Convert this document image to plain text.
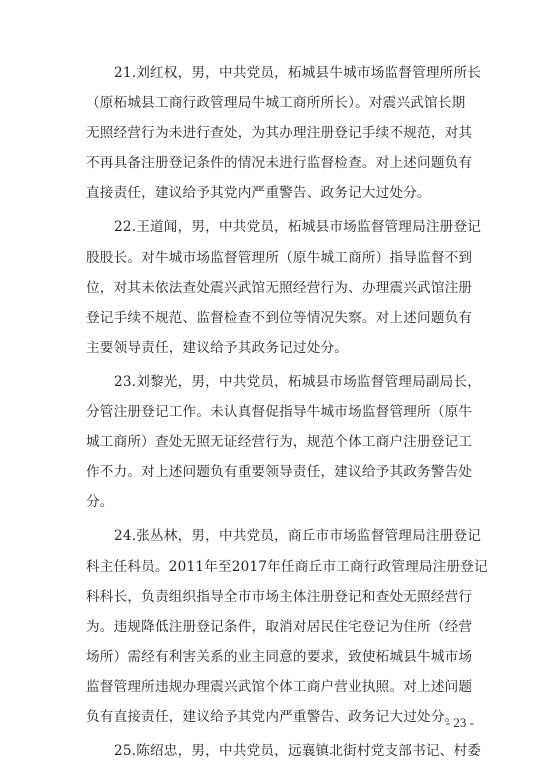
21.刘红权，男，中共党员，柘城县牛城市场监督管理所所长
（原柘城县工商行政管理局牛城工商所所长）。对震兴武馆长期
无照经营行为未进行查处，为其办理注册登记手续不规范，对其
不再具备注册登记条件的情况未进行监督检查。对上述问题负有
直接责任，建议给予其党内严重警告、政务记大过处分。
22.王道闻，男，中共党员，柘城县市场监督管理局注册登记
股股长。对牛城市场监督管理所（原牛城工商所）指导监督不到
位，对其未依法查处震兴武馆无照经营行为、办理震兴武馆注册
登记手续不规范、监督检查不到位等情况失察。对上述问题负有
主要领导责任，建议给予其政务记过处分。
23.刘黎光，男，中共党员，柘城县市场监督管理局副局长，
分管注册登记工作。未认真督促指导牛城市场监督管理所（原牛
城工商所）查处无照无证经营行为，规范个体工商户注册登记工
作不力。对上述问题负有重要领导责任，建议给予其政务警告处
分。
24.张丛林，男，中共党员，商丘市市场监督管理局注册登记
科主任科员。2011年至2017年任商丘市工商行政管理局注册登记
科科长，负责组织指导全市市场主体注册登记和查处无照经营行
为。违规降低注册登记条件，取消对居民住宅登记为住所（经营
场所）需经有利害关系的业主同意的要求，致使柘城县牛城市场
监督管理所违规办理震兴武馆个体工商户营业执照。对上述问题
负有直接责任，建议给予其党内严重警告、政务记大过处分。
25.陈绍忠，男，中共党员，远襄镇北街村党支部书记、村委
- 23 -
